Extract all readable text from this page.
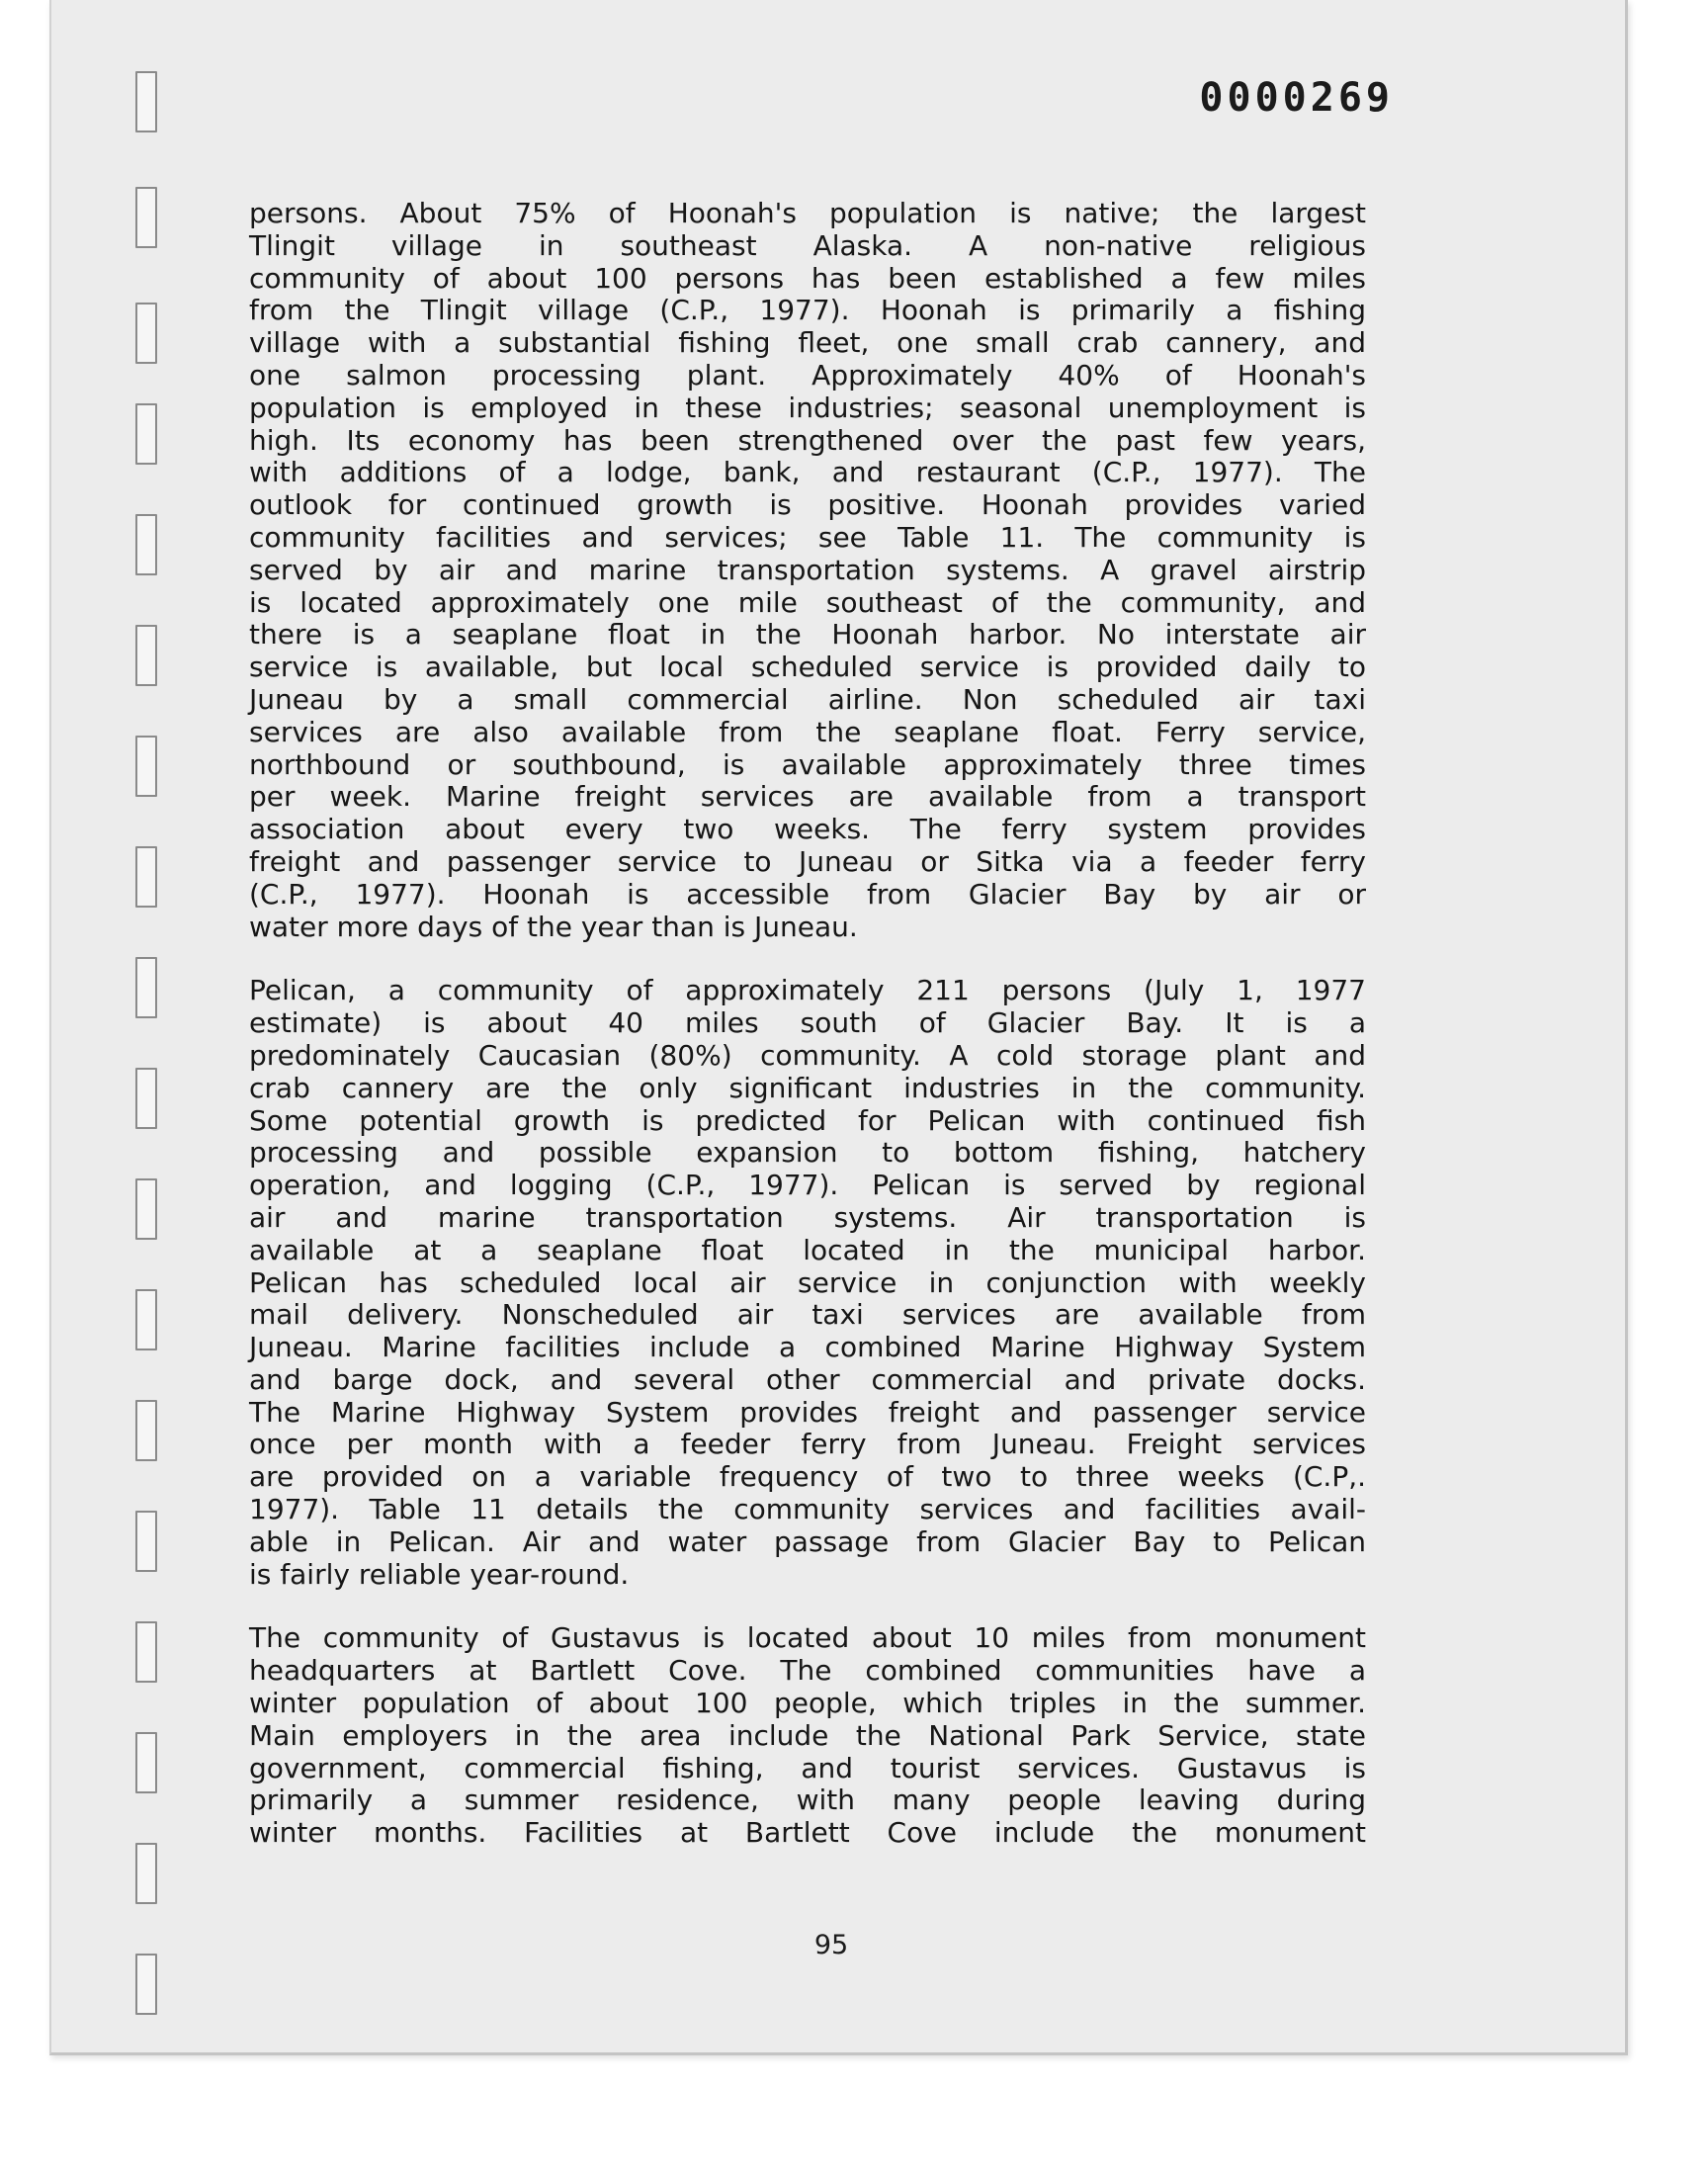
0000269

persons. About 75% of Hoonah's population is native; the largest
Tlingit village in southeast Alaska. A non-native religious
community of about 100 persons has been established a few miles
from the Tlingit village (C.P., 1977). Hoonah is primarily a fishing
village with a substantial fishing fleet, one small crab cannery, and
one salmon processing plant. Approximately 40% of Hoonah's
population is employed in these industries; seasonal unemployment is
high. Its economy has been strengthened over the past few years,
with additions of a lodge, bank, and restaurant (C.P., 1977). The
outlook for continued growth is positive. Hoonah provides varied
community facilities and services; see Table 11. The community is
served by air and marine transportation systems. A gravel airstrip
is located approximately one mile southeast of the community, and
there is a seaplane float in the Hoonah harbor. No interstate air
service is available, but local scheduled service is provided daily to
Juneau by a small commercial airline. Non scheduled air taxi
services are also available from the seaplane float. Ferry service,
northbound or southbound, is available approximately three times
per week. Marine freight services are available from a transport
association about every two weeks. The ferry system provides
freight and passenger service to Juneau or Sitka via a feeder ferry
(C.P., 1977). Hoonah is accessible from Glacier Bay by air or
water more days of the year than is Juneau.

Pelican, a community of approximately 211 persons (July 1, 1977
estimate) is about 40 miles south of Glacier Bay. It is a
predominately Caucasian (80%) community. A cold storage plant and
crab cannery are the only significant industries in the community.
Some potential growth is predicted for Pelican with continued fish
processing and possible expansion to bottom fishing, hatchery
operation, and logging (C.P., 1977). Pelican is served by regional
air and marine transportation systems. Air transportation is
available at a seaplane float located in the municipal harbor.
Pelican has scheduled local air service in conjunction with weekly
mail delivery. Nonscheduled air taxi services are available from
Juneau. Marine facilities include a combined Marine Highway System
and barge dock, and several other commercial and private docks.
The Marine Highway System provides freight and passenger service
once per month with a feeder ferry from Juneau. Freight services
are provided on a variable frequency of two to three weeks (C.P,.
1977). Table 11 details the community services and facilities avail-
able in Pelican. Air and water passage from Glacier Bay to Pelican
is fairly reliable year-round.

The community of Gustavus is located about 10 miles from monument
headquarters at Bartlett Cove. The combined communities have a
winter population of about 100 people, which triples in the summer.
Main employers in the area include the National Park Service, state
government, commercial fishing, and tourist services. Gustavus is
primarily a summer residence, with many people leaving during
winter months. Facilities at Bartlett Cove include the monument

95
